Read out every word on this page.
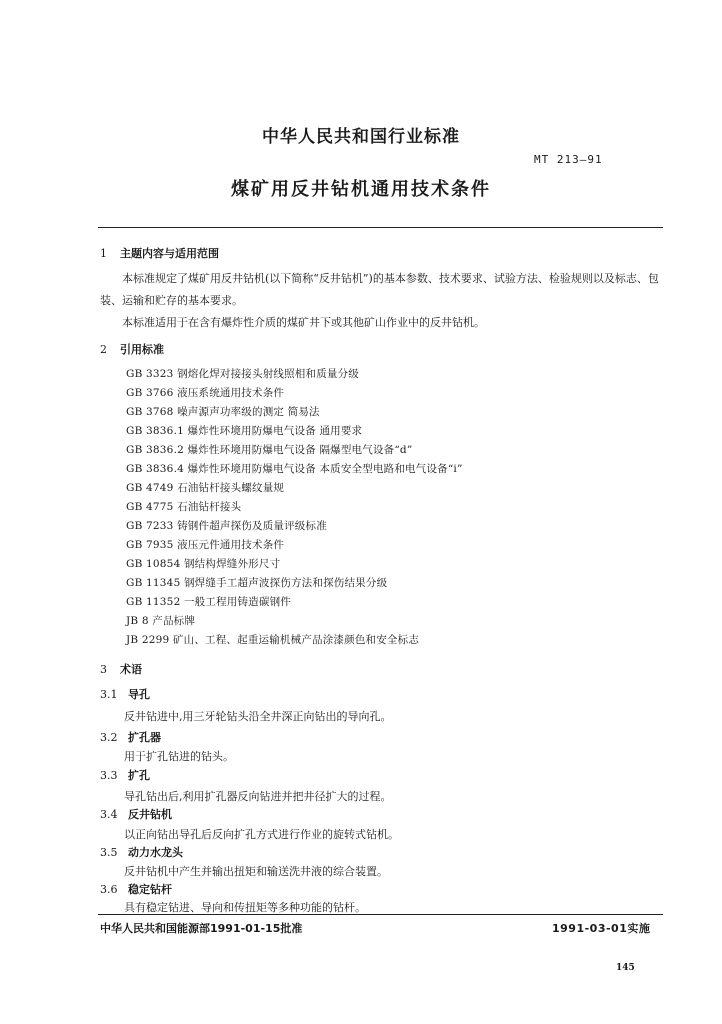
中华人民共和国行业标准
MT 213—91
煤矿用反井钻机通用技术条件
1 主题内容与适用范围

本标准规定了煤矿用反井钻机(以下简称“反井钻机”)的基本参数、技术要求、试验方法、检验规则以及标志、包装、运输和贮存的基本要求。

本标准适用于在含有爆炸性介质的煤矿井下或其他矿山作业中的反井钻机。

2 引用标准
GB 3323 钢熔化焊对接接头射线照相和质量分级
GB 3766 液压系统通用技术条件
GB 3768 噪声源声功率级的测定 简易法
GB 3836.1 爆炸性环境用防爆电气设备 通用要求
GB 3836.2 爆炸性环境用防爆电气设备 隔爆型电气设备“d”
GB 3836.4 爆炸性环境用防爆电气设备 本质安全型电路和电气设备“i”
GB 4749 石油钻杆接头螺纹量规
GB 4775 石油钻杆接头
GB 7233 铸钢件超声探伤及质量评级标准
GB 7935 液压元件通用技术条件
GB 10854 钢结构焊缝外形尺寸
GB 11345 钢焊缝手工超声波探伤方法和探伤结果分级
GB 11352 一般工程用铸造碳钢件
JB 8 产品标牌
JB 2299 矿山、工程、起重运输机械产品涂漆颜色和安全标志
3 术语
3.1 导孔
反井钻进中,用三牙轮钻头沿全井深正向钻出的导向孔。
3.2 扩孔器
用于扩孔钻进的钻头。
3.3 扩孔
导孔钻出后,利用扩孔器反向钻进并把井径扩大的过程。
3.4 反井钻机
以正向钻出导孔后反向扩孔方式进行作业的旋转式钻机。
3.5 动力水龙头
反井钻机中产生并输出扭矩和输送洗井液的综合装置。
3.6 稳定钻杆
具有稳定钻进、导向和传扭矩等多种功能的钻杆。
中华人民共和国能源部1991-01-15批准	1991-03-01实施
145
